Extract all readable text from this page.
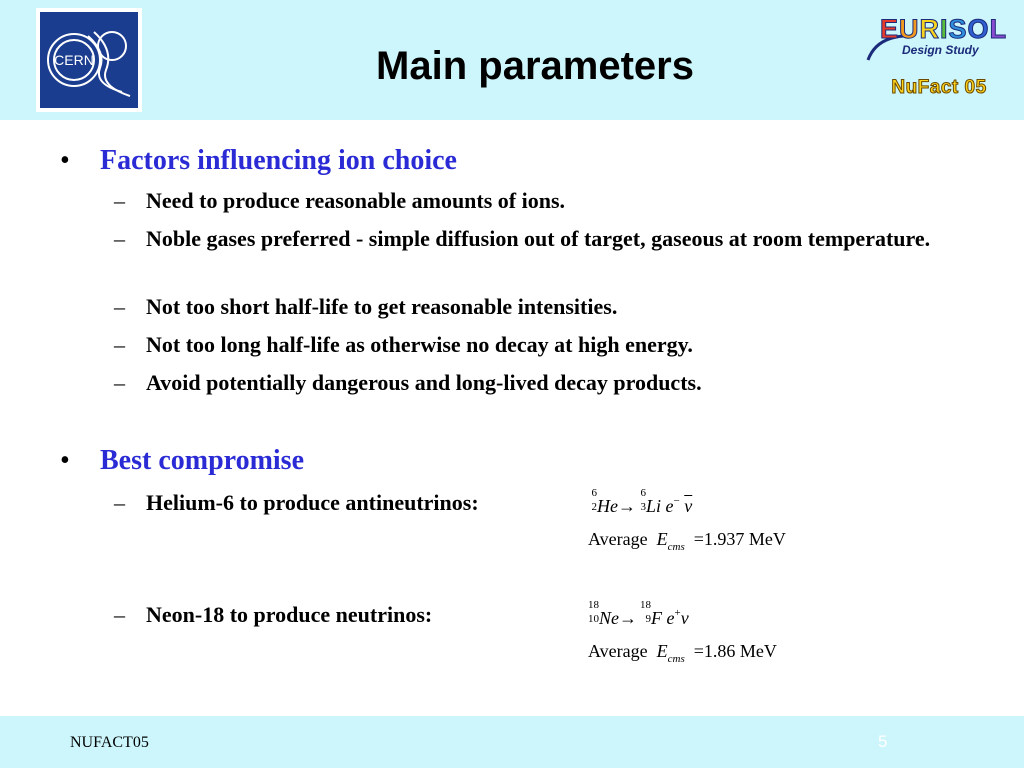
CERN	Main parameters
EURISOL
Design Study
NuFact 05
• Factors influencing ion choice
– Need to produce reasonable amounts of ions.
– Noble gases preferred - simple diffusion out of target, gaseous at room temperature.
– Not too short half-life to get reasonable intensities.
– Not too long half-life as otherwise no decay at high energy.
– Avoid potentially dangerous and long-lived decay products.
• Best compromise
– Helium-6 to produce antineutrinos:
– Neon-18 to produce neutrinos:
6
2 He→
6
3 Li e− $\overline{\nu}$
Average $E_{cms} =1.937$ MeV
18
10 Ne→
18
9 F e+ν
Average $E_{cms} =1.86$ MeV
NUFACT05	5
